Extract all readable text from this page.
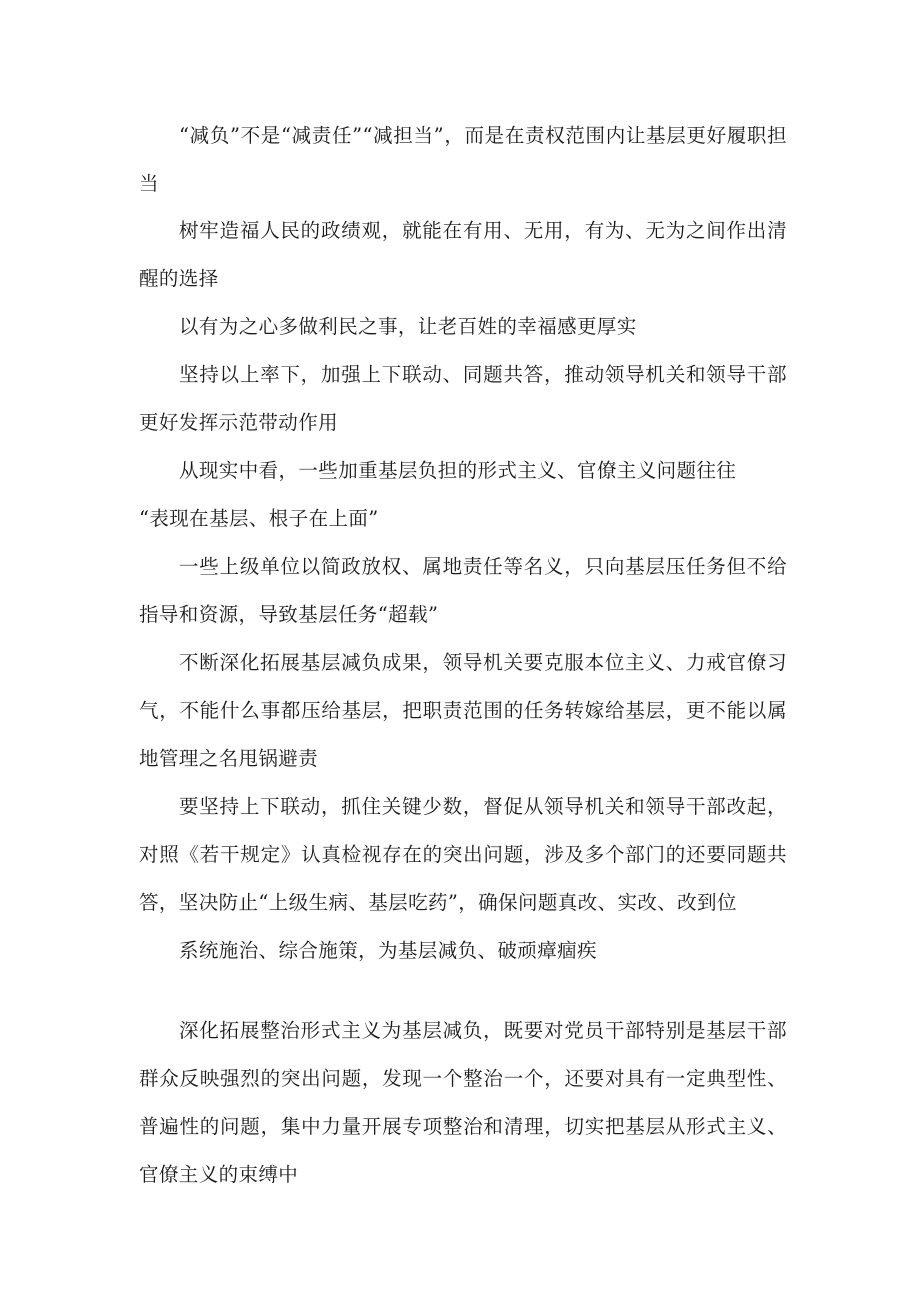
“减负”不是“减责任”“减担当”，而是在责权范围内让基层更好履职担当

树牢造福人民的政绩观，就能在有用、无用，有为、无为之间作出清醒的选择

以有为之心多做利民之事，让老百姓的幸福感更厚实

坚持以上率下，加强上下联动、同题共答，推动领导机关和领导干部更好发挥示范带动作用

从现实中看，一些加重基层负担的形式主义、官僚主义问题往往

“表现在基层、根子在上面”

一些上级单位以简政放权、属地责任等名义，只向基层压任务但不给指导和资源，导致基层任务“超载”

不断深化拓展基层减负成果，领导机关要克服本位主义、力戒官僚习气，不能什么事都压给基层，把职责范围的任务转嫁给基层，更不能以属地管理之名甩锅避责

要坚持上下联动，抓住关键少数，督促从领导机关和领导干部改起，对照《若干规定》认真检视存在的突出问题，涉及多个部门的还要同题共答，坚决防止“上级生病、基层吃药”，确保问题真改、实改、改到位

系统施治、综合施策，为基层减负、破顽瘴痼疾

深化拓展整治形式主义为基层减负，既要对党员干部特别是基层干部群众反映强烈的突出问题，发现一个整治一个，还要对具有一定典型性、普遍性的问题，集中力量开展专项整治和清理，切实把基层从形式主义、官僚主义的束缚中
